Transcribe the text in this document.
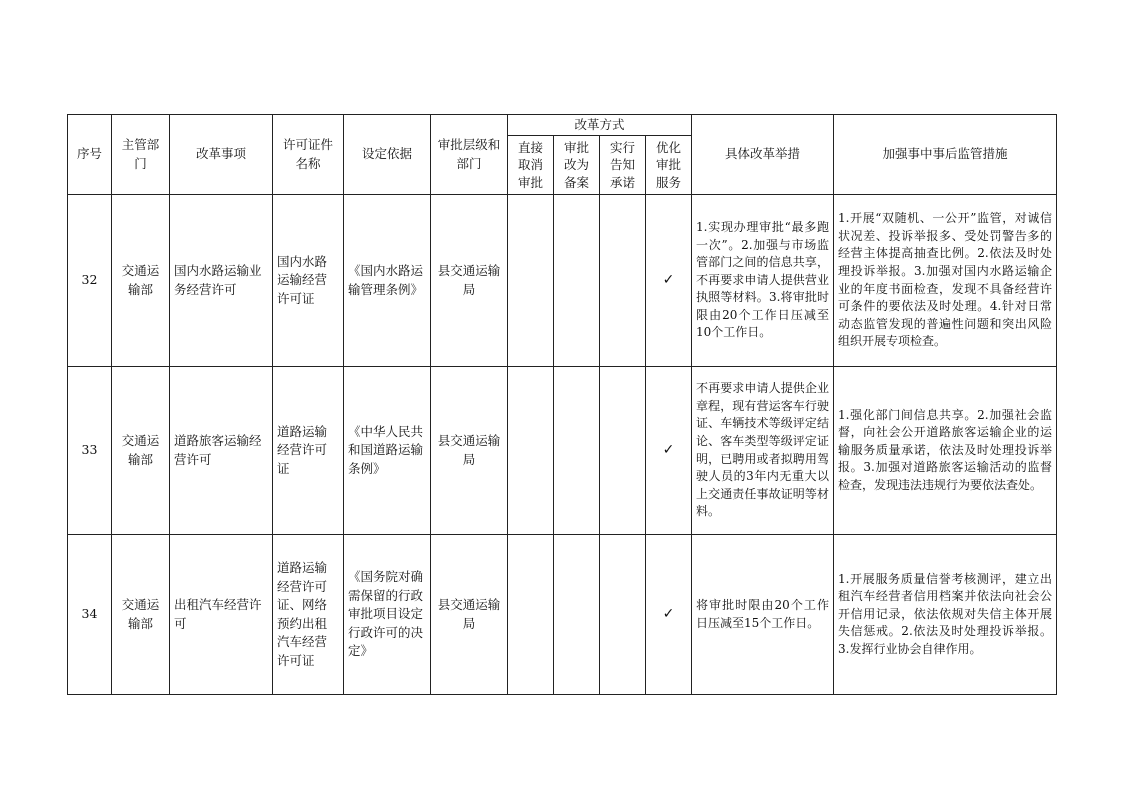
序号	主管部门	改革事项	许可证件名称	设定依据	审批层级和部门	改革方式				具体改革举措	加强事中事后监管措施
						直接取消审批	审批改为备案	实行告知承诺	优化审批服务		
32	交通运输部	国内水路运输业务经营许可	国内水路运输经营许可证	《国内水路运输管理条例》	县交通运输局				✓	1.实现办理审批“最多跑一次”。2.加强与市场监管部门之间的信息共享，不再要求申请人提供营业执照等材料。3.将审批时限由20个工作日压减至10个工作日。	1.开展“双随机、一公开”监管，对诚信状况差、投诉举报多、受处罚警告多的经营主体提高抽查比例。2.依法及时处理投诉举报。3.加强对国内水路运输企业的年度书面检查，发现不具备经营许可条件的要依法及时处理。4.针对日常动态监管发现的普遍性问题和突出风险组织开展专项检查。
33	交通运输部	道路旅客运输经营许可	道路运输经营许可证	《中华人民共和国道路运输条例》	县交通运输局				✓	不再要求申请人提供企业章程，现有营运客车行驶证、车辆技术等级评定结论、客车类型等级评定证明，已聘用或者拟聘用驾驶人员的3年内无重大以上交通责任事故证明等材料。	1.强化部门间信息共享。2.加强社会监督，向社会公开道路旅客运输企业的运输服务质量承诺，依法及时处理投诉举报。3.加强对道路旅客运输活动的监督检查，发现违法违规行为要依法查处。
34	交通运输部	出租汽车经营许可	道路运输经营许可证、网络预约出租汽车经营许可证	《国务院对确需保留的行政审批项目设定行政许可的决定》	县交通运输局				✓	将审批时限由20个工作日压减至15个工作日。	1.开展服务质量信誉考核测评，建立出租汽车经营者信用档案并依法向社会公开信用记录，依法依规对失信主体开展失信惩戒。2.依法及时处理投诉举报。3.发挥行业协会自律作用。
